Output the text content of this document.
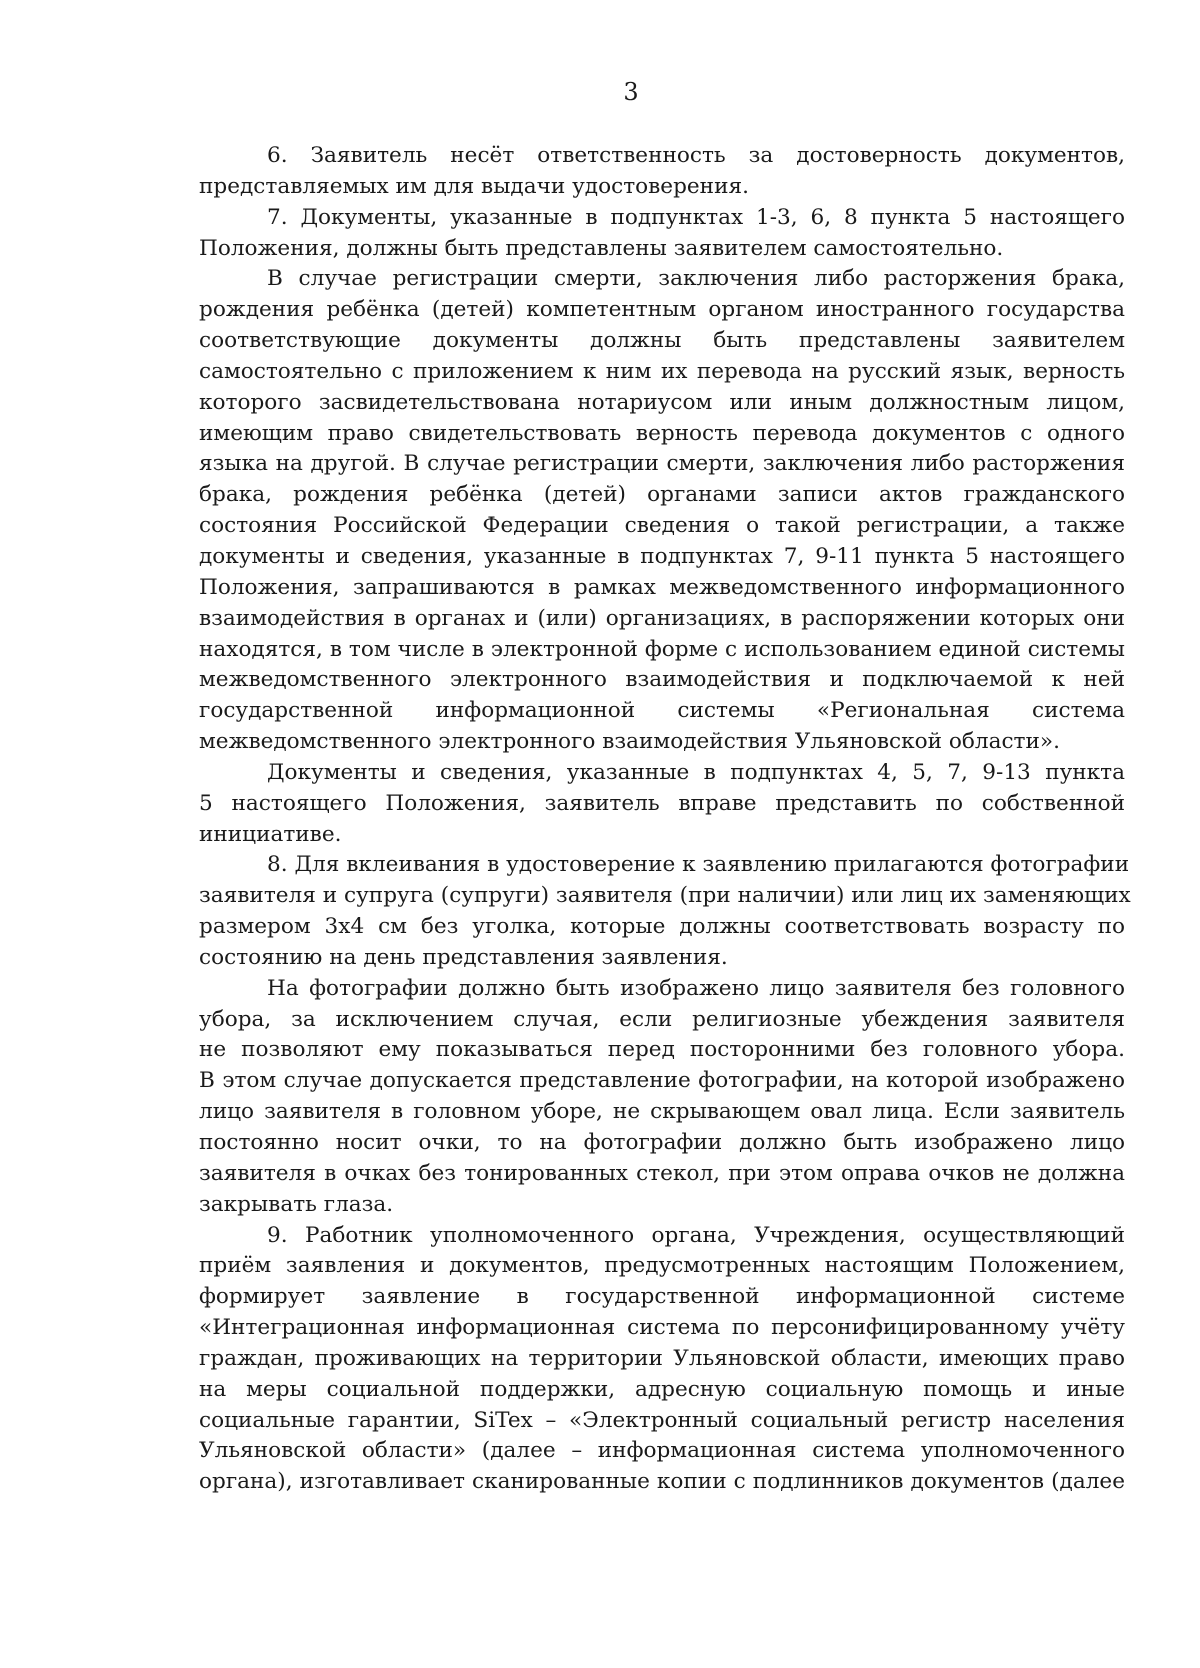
3
6. Заявитель несёт ответственность за достоверность документов,
представляемых им для выдачи удостоверения.
7. Документы, указанные в подпунктах 1-3, 6, 8 пункта 5 настоящего
Положения, должны быть представлены заявителем самостоятельно.
В случае регистрации смерти, заключения либо расторжения брака,
рождения ребёнка (детей) компетентным органом иностранного государства
соответствующие документы должны быть представлены заявителем
самостоятельно с приложением к ним их перевода на русский язык, верность
которого засвидетельствована нотариусом или иным должностным лицом,
имеющим право свидетельствовать верность перевода документов с одного
языка на другой. В случае регистрации смерти, заключения либо расторжения
брака, рождения ребёнка (детей) органами записи актов гражданского
состояния Российской Федерации сведения о такой регистрации, а также
документы и сведения, указанные в подпунктах 7, 9-11 пункта 5 настоящего
Положения, запрашиваются в рамках межведомственного информационного
взаимодействия в органах и (или) организациях, в распоряжении которых они
находятся, в том числе в электронной форме с использованием единой системы
межведомственного электронного взаимодействия и подключаемой к ней
государственной информационной системы «Региональная система
межведомственного электронного взаимодействия Ульяновской области».
Документы и сведения, указанные в подпунктах 4, 5, 7, 9-13 пункта
5 настоящего Положения, заявитель вправе представить по собственной
инициативе.
8. Для вклеивания в удостоверение к заявлению прилагаются фотографии
заявителя и супруга (супруги) заявителя (при наличии) или лиц их заменяющих
размером 3х4 см без уголка, которые должны соответствовать возрасту по
состоянию на день представления заявления.
На фотографии должно быть изображено лицо заявителя без головного
убора, за исключением случая, если религиозные убеждения заявителя
не позволяют ему показываться перед посторонними без головного убора.
В этом случае допускается представление фотографии, на которой изображено
лицо заявителя в головном уборе, не скрывающем овал лица. Если заявитель
постоянно носит очки, то на фотографии должно быть изображено лицо
заявителя в очках без тонированных стекол, при этом оправа очков не должна
закрывать глаза.
9. Работник уполномоченного органа, Учреждения, осуществляющий
приём заявления и документов, предусмотренных настоящим Положением,
формирует заявление в государственной информационной системе
«Интеграционная информационная система по персонифицированному учёту
граждан, проживающих на территории Ульяновской области, имеющих право
на меры социальной поддержки, адресную социальную помощь и иные
социальные гарантии, SiTex – «Электронный социальный регистр населения
Ульяновской области» (далее – информационная система уполномоченного
органа), изготавливает сканированные копии с подлинников документов (далее
